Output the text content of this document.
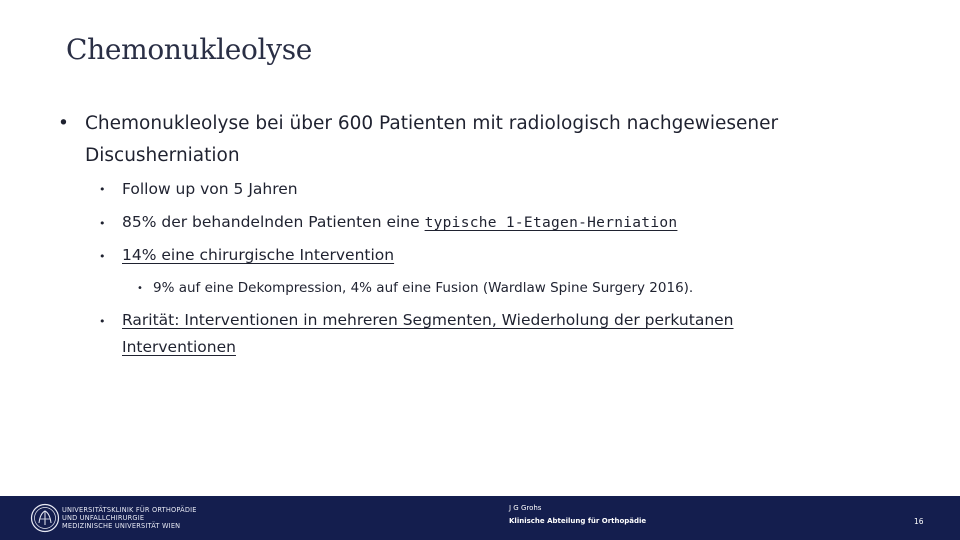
Chemonukleolyse
• Chemonukleolyse bei über 600 Patienten mit radiologisch nachgewiesener
Discusherniation
• Follow up von 5 Jahren
• 85% der behandelnden Patienten eine typische 1-Etagen-Herniation
• 14% eine chirurgische Intervention
• 9% auf eine Dekompression, 4% auf eine Fusion (Wardlaw Spine Surgery 2016).
• Rarität: Interventionen in mehreren Segmenten, Wiederholung der perkutanen
Interventionen
UNIVERSITÄTSKLINIK FÜR ORTHOPÄDIE
UND UNFALLCHIRURGIE
MEDIZINISCHE UNIVERSITÄT WIEN
J G Grohs
Klinische Abteilung für Orthopädie	16
